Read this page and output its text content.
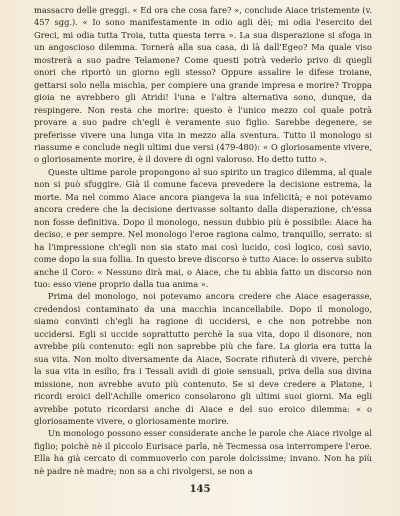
massacro delle greggi. « Ed ora che cosa fare? », conclude Aiace tristemente (v. 457 sgg.). « Io sono manifestamente in odio agli dèi; mi odia l'esercito dei Greci, mi odia tutta Troia, tutta questa terra ». La sua disperazione si sfoga in un angoscioso dilemma. Tornerà alla sua casa, di là dall'Egeo? Ma quale viso mostrerà a suo padre Telamone? Come questi potrà vederlo privo di quegli onori che riportò un giorno egli stesso? Oppure assalire le difese troiane, gettarsi solo nella mischia, per compiere una grande impresa e morire? Troppa gioia ne avrebbero gli Atridi! l'una e l'altra alternativa sono, dunque, da respingere. Non resta che morire: questo è l'unico mezzo col quale potrà provare a suo padre ch'egli è veramente suo figlio. Sarebbe degenere, se preferisse vivere una lunga vita in mezzo alla sventura. Tutto il monologo si riassume e conclude negli ultimi due versi (479-480): « O gloriosamente vivere, o gloriosamente morire, è il dovere di ogni valoroso. Ho detto tutto ».

Queste ultime parole propongono al suo spirito un tragico dilemma, al quale non si può sfuggire. Già il comune faceva prevedere la decisione estrema, la morte. Ma nel commo Aiace ancora piangeva la sua infelicità; e noi potevamo ancora credere che la decisione derivasse soltanto dalla disperazione, ch'essa non fosse definitiva. Dopo il monologo, nessun dubbio più è possibile: Aiace ha deciso, e per sempre. Nel monologo l'eroe ragiona calmo, tranquillo, serrato: si ha l'impressione ch'egli non sia stato mai così lucido, così logico, così savio, come dopo la sua follia. In questo breve discorso è tutto Aiace: lo osserva subito anche il Coro: « Nessuno dirà mai, o Aiace, che tu abbia fatto un discorso non tuo: esso viene proprio dalla tua anima ».

Prima del monologo, noi potevamo ancora credere che Aiace esagerasse, credendosi contaminato da una macchia incancellabile. Dopo il monologo, siamo convinti ch'egli ha ragione di uccidersi, e che non potrebbe non uccidersi. Egli si uccide soprattutto perchè la sua vita, dopo il disonore, non avrebbe più contenuto: egli non saprebbe più che fare. La gloria era tutta la sua vita. Non molto diversamente da Aiace, Socrate rifiuterà di vivere, perchè la sua vita in esilio, fra i Tessali avidi di gioie sensuali, priva della sua divina missione, non avrebbe avuto più contenuto. Se si deve credere a Platone, i ricordi eroici dell'Achille omerico consolarono gli ultimi suoi giorni. Ma egli avrebbe potuto ricordarsi anche di Aiace e del suo eroico dilemma: « o gloriosamente vivere, o gloriosamente morire.

Un monologo possono esser considerate anche le parole che Aiace rivolge al figlio; poichè nè il piccolo Eurisace parla, nè Tecmessa osa interrompere l'eroe. Ella ha già cercato di commuoverlo con parole dolcissime; invano. Non ha più nè padre nè madre; non sa a chi rivolgersi, se non a

145
